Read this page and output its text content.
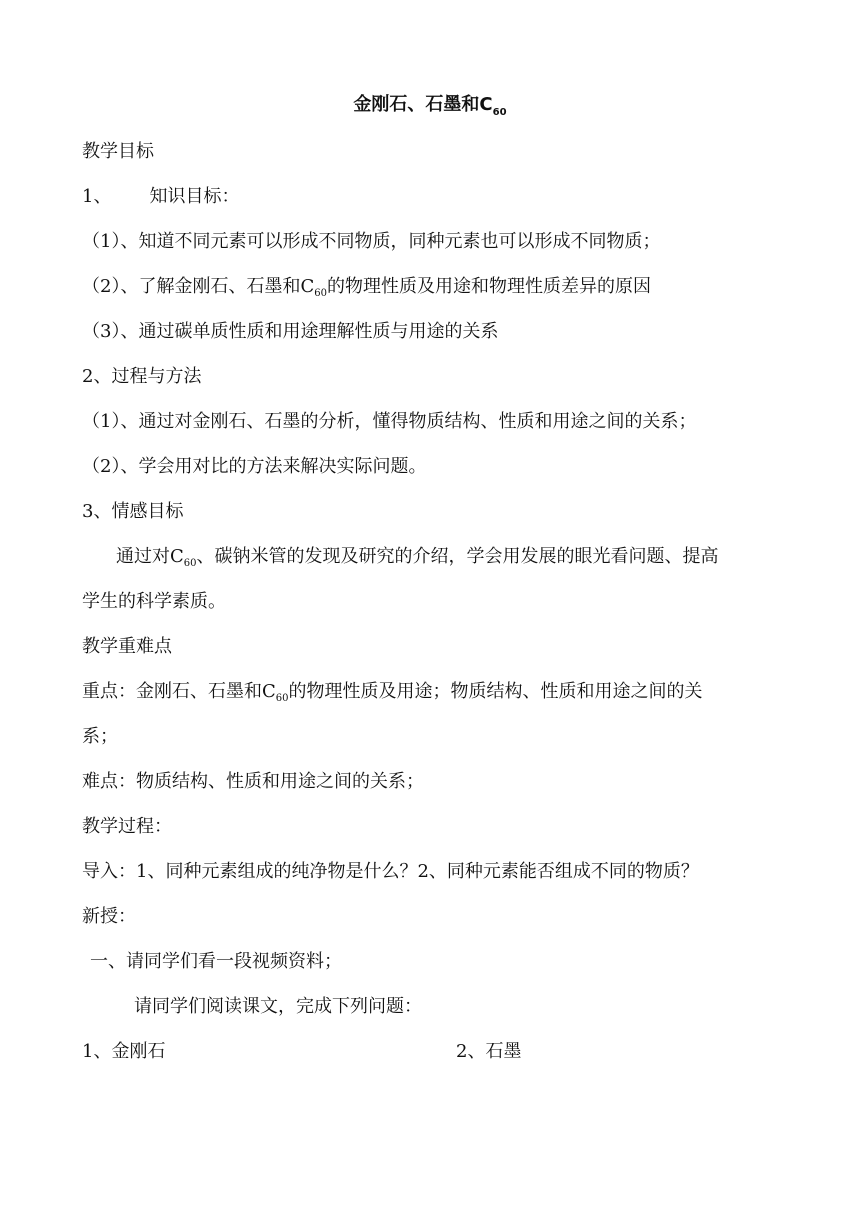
金刚石、石墨和$C_{60}$
教学目标
1、 知识目标：
（1）、知道不同元素可以形成不同物质，同种元素也可以形成不同物质；
（2）、了解金刚石、石墨和$C_{60}$的物理性质及用途和物理性质差异的原因
（3）、通过碳单质性质和用途理解性质与用途的关系
2、过程与方法
（1）、通过对金刚石、石墨的分析，懂得物质结构、性质和用途之间的关系；
（2）、学会用对比的方法来解决实际问题。
3、情感目标
通过对$C_{60}$、碳钠米管的发现及研究的介绍，学会用发展的眼光看问题、提高
学生的科学素质。
教学重难点
重点：金刚石、石墨和$C_{60}$的物理性质及用途；物质结构、性质和用途之间的关
系；
难点：物质结构、性质和用途之间的关系；
教学过程：
导入：1、同种元素组成的纯净物是什么？2、同种元素能否组成不同的物质？
新授：
一、请同学们看一段视频资料；
请同学们阅读课文，完成下列问题：
1、金刚石	2、石墨
